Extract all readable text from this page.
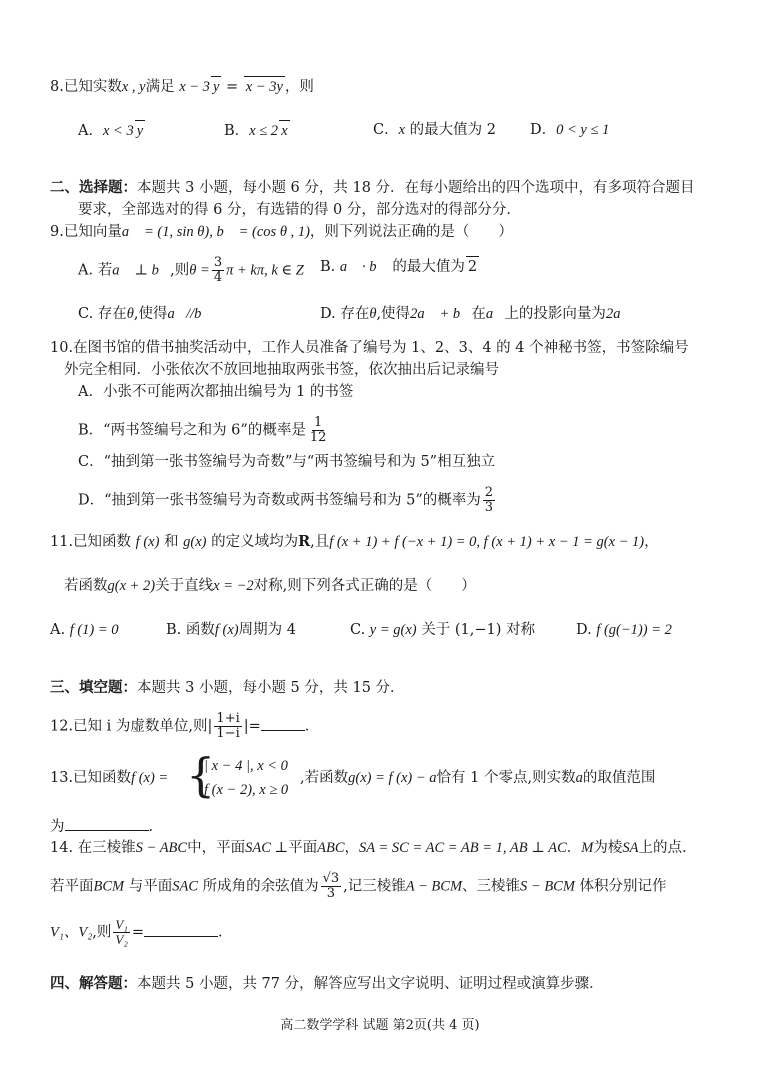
8.已知实数x , y满足 x − 3 y = x − 3y ，则
A．x < 3 y	B．x ≤ 2 x	C．x 的最大值为 2 D．0 < y ≤ 1
二、选择题：本题共 3 小题，每小题 6 分，共 18 分．在每小题给出的四个选项中，有多项符合题目
要求，全部选对的得 6 分，有选错的得 0 分，部分选对的得部分分．
9.已知向量a⃗ = (1, sin θ), b⃗ = (cos θ , 1)，则下列说法正确的是（　　）
A. 若a⃗ ⊥ b⃗,则$\theta = \frac{3}{4}$ π + kπ, k ∈ Z B. a⃗ · b⃗ 的最大值为 2
C. 存在θ,使得a⃗//b⃗	D. 存在θ,使得2a⃗ + b⃗在a⃗上的投影向量为2a⃗
10.在图书馆的借书抽奖活动中，工作人员准备了编号为 1、2、3、4 的 4 个神秘书签，书签除编号
外完全相同．小张依次不放回地抽取两张书签，依次抽出后记录编号
A．小张不可能两次都抽出编号为 1 的书签
B．“两书签编号之和为 6”的概率是 $\frac{1}{12}$
C．“抽到第一张书签编号为奇数”与“两书签编号和为 5”相互独立
D．“抽到第一张书签编号为奇数或两书签编号和为 5”的概率为 $\frac{2}{3}$
11.已知函数 f (x) 和 g(x) 的定义域均为R,且f (x + 1) + f (−x + 1) = 0, f (x + 1) + x − 1 = g(x − 1)，
若函数g(x + 2)关于直线x = −2对称,则下列各式正确的是（　　）
A. f (1) = 0	B. 函数f (x)周期为 4	C. y = g(x) 关于 (1,−1) 对称	D. f (g(−1)) = 2
三、填空题：本题共 3 小题，每小题 5 分，共 15 分．
12.已知 i 为虚数单位,则| $\frac{1+i}{1-i}$ |=	．
13.已知函数f (x) = {
| x − 4 |, x < 0
f (x − 2), x ≥ 0
,若函数g(x) = f (x) − a恰有 1 个零点,则实数a的取值范围
为	．
14. 在三棱锥S − ABC中，平面SAC ⊥平面ABC，SA = SC = AC = AB = 1, AB ⊥ AC．M为棱SA上的点.
若平面BCM 与平面SAC 所成角的余弦值为 $\frac{√3}{3}$ ,记三棱锥A − BCM、三棱锥S − BCM 体积分别记作
V₁、V₂,则 $\frac{\text{V₁}}{\text{V₂}}$ =	．
四、解答题：本题共 5 小题，共 77 分，解答应写出文字说明、证明过程或演算步骤．
高二数学学科 试题 第2页(共 4 页)
